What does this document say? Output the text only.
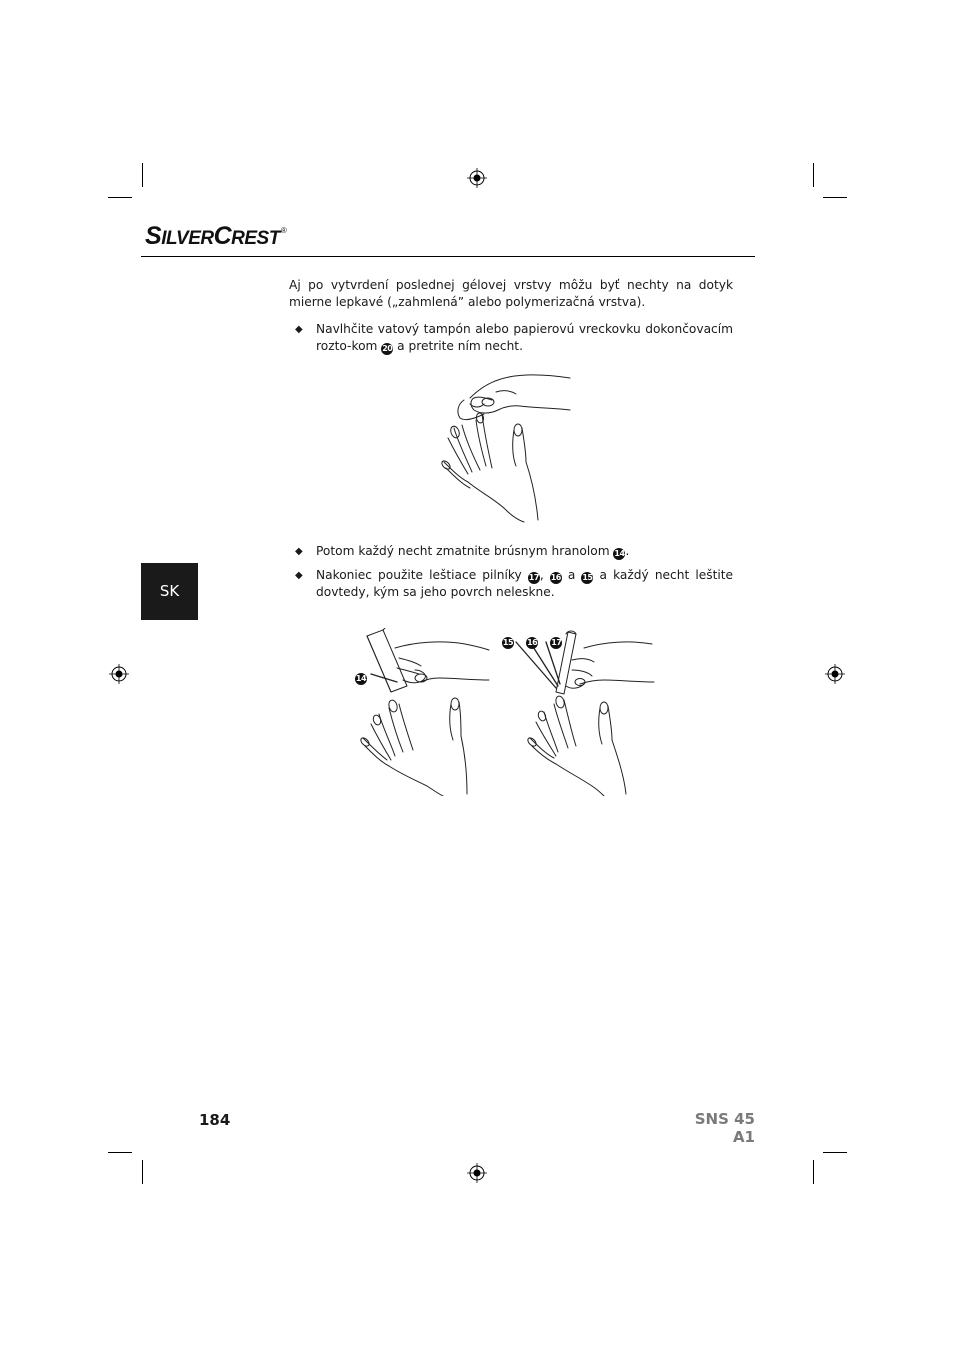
SILVERCREST®
Aj po vytvrdení poslednej gélovej vrstvy môžu byť nechty na dotyk mierne lepkavé („zahmlená” alebo polymerizačná vrstva).
◆ Navlhčite vatový tampón alebo papierovú vreckovku dokončovacím rozto-kom 20 a pretrite ním necht.
◆ Potom každý necht zmatnite brúsnym hranolom 14.
◆ Nakoniec použite leštiace pilníky 17, 16 a 15 a každý necht leštite dovtedy, kým sa jeho povrch neleskne.
14
15 16 17
SK
184	SNS 45 A1
